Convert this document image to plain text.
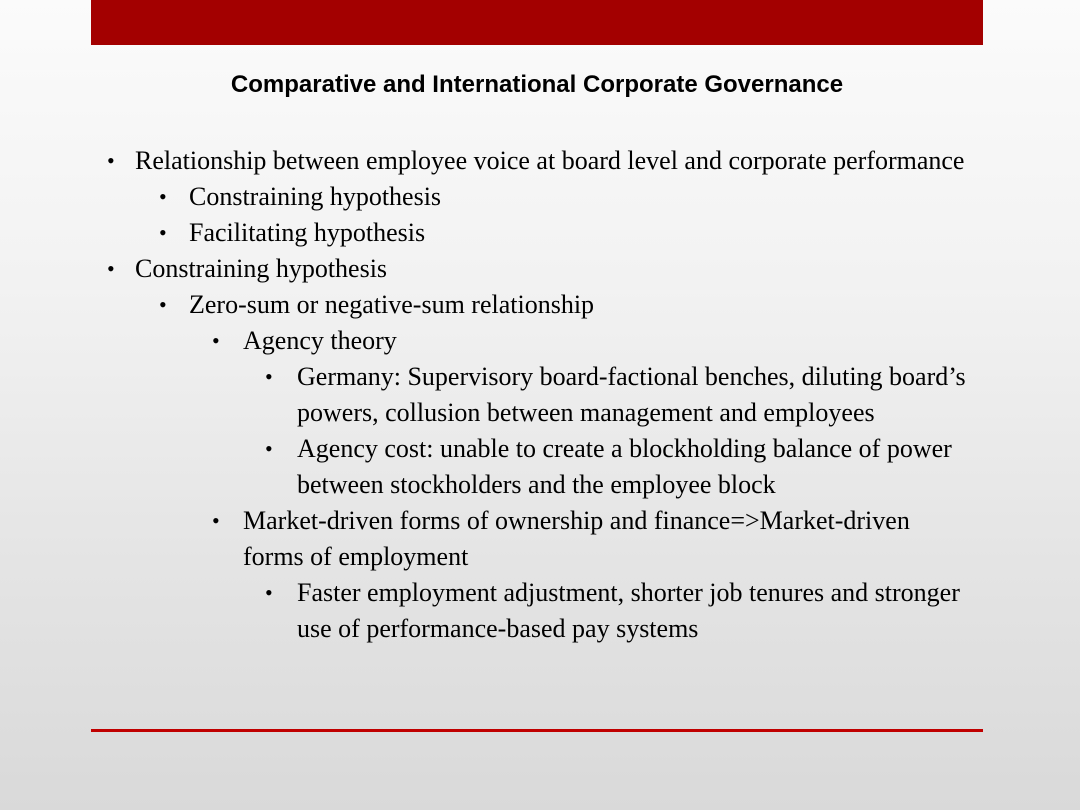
Comparative and International Corporate Governance
• Relationship between employee voice at board level and corporate performance
• Constraining hypothesis
• Facilitating hypothesis
• Constraining hypothesis
• Zero-sum or negative-sum relationship
• Agency theory
• Germany: Supervisory board-factional benches, diluting board’s powers, collusion between management and employees
• Agency cost: unable to create a blockholding balance of power between stockholders and the employee block
• Market-driven forms of ownership and finance=>Market-driven forms of employment
• Faster employment adjustment, shorter job tenures and stronger use of performance-based pay systems
